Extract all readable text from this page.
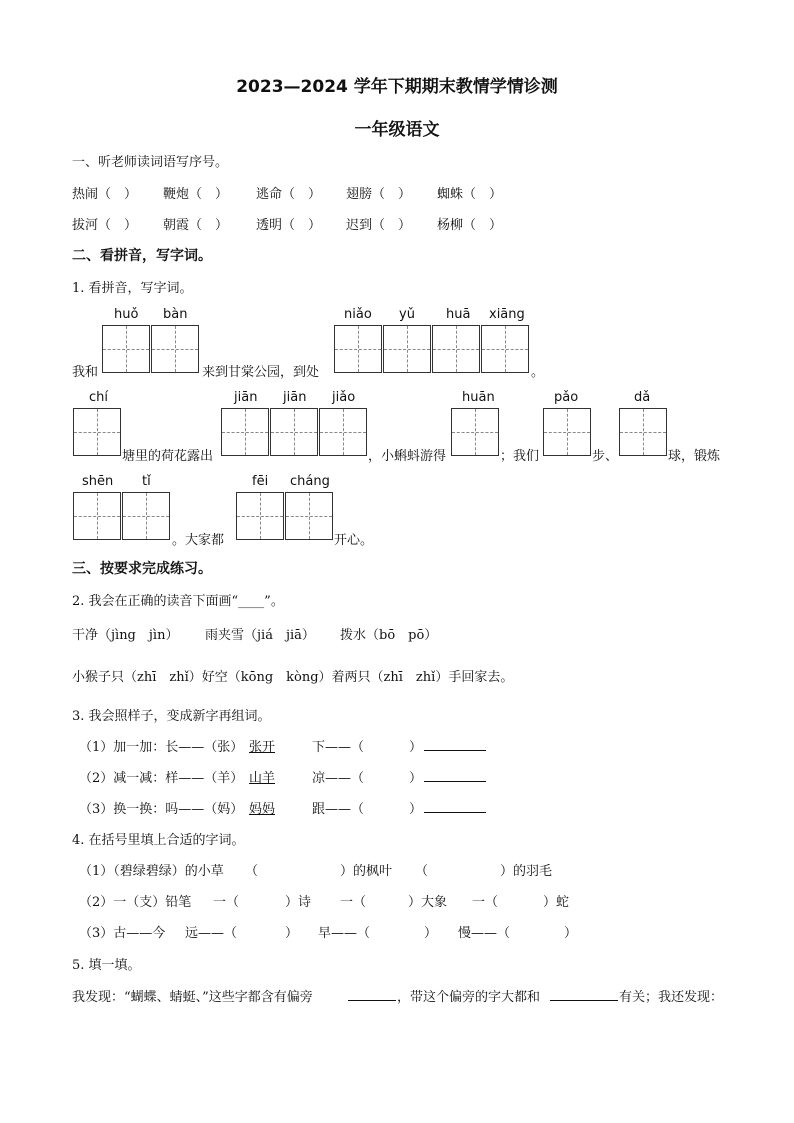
2023—2024 学年下期期末教情学情诊测
一年级语文
一、听老师读词语写序号。
热闹（　） 鞭炮（　） 逃命（　） 翅膀（　） 蜘蛛（　）
拔河（　） 朝霞（　） 透明（　） 迟到（　） 杨柳（　）
二、看拼音，写字词。
1. 看拼音，写字词。
huǒ bàn
我和	来到甘棠公园，到处
niǎo yǔ huā xiāng
。
chí
塘里的荷花露出
jiān jiān jiǎo
，小蝌蚪游得
huān
；我们
pǎo
步、
dǎ
球，锻炼
shēn tǐ
。大家都
fēi cháng
开心。
三、按要求完成练习。
2. 我会在正确的读音下面画“____”。
干净（jìng　jìn） 雨夹雪（jiá　jiā） 拨水（bō　pō）
小猴子只（zhī　zhǐ）好空（kōng　kòng）着两只（zhī　zhǐ）手回家去。
3. 我会照样子，变成新字再组词。
（1）加一加：长——（张） 张开	下——（	）
（2）减一减：样——（羊） 山羊	凉——（	）
（3）换一换：吗——（妈） 妈妈	跟——（	）
4. 在括号里填上合适的字词。
（1）（碧绿碧绿）的小草 （	）的枫叶 （	）的羽毛
（2）一（支）铅笔 一（	）诗 一（	）大象 一（	）蛇
（3）古——今 远——（	） 早——（	） 慢——（	）
5. 填一填。
我发现：“蝴蝶、蜻蜓、”这些字都含有偏旁	，带这个偏旁的字大都和	有关；我还发现：
